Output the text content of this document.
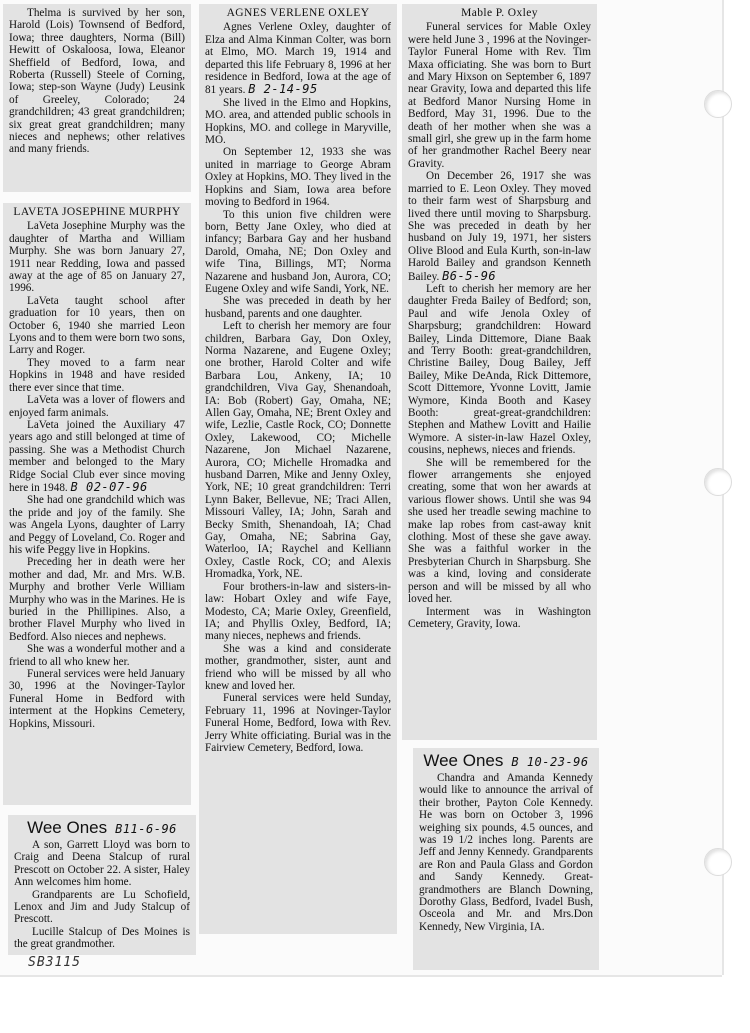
Thelma is survived by her son, Harold (Lois) Townsend of Bedford, Iowa; three daughters, Norma (Bill) Hewitt of Oskaloosa, Iowa, Eleanor Sheffield of Bedford, Iowa, and Roberta (Russell) Steele of Corning, Iowa; step-son Wayne (Judy) Leusink of Greeley, Colorado; 24 grandchildren; 43 great grandchildren; six great great grandchildren; many nieces and nephews; other relatives and many friends.

LAVETA JOSEPHINE MURPHY

LaVeta Josephine Murphy was the daughter of Martha and William Murphy. She was born January 27, 1911 near Redding, Iowa and passed away at the age of 85 on January 27, 1996.

LaVeta taught school after graduation for 10 years, then on October 6, 1940 she married Leon Lyons and to them were born two sons, Larry and Roger.

They moved to a farm near Hopkins in 1948 and have resided there ever since that time.

LaVeta was a lover of flowers and enjoyed farm animals.

LaVeta joined the Auxiliary 47 years ago and still belonged at time of passing. She was a Methodist Church member and belonged to the Mary Ridge Social Club ever since moving here in 1948. B 02-07-96

She had one grandchild which was the pride and joy of the family. She was Angela Lyons, daughter of Larry and Peggy of Loveland, Co. Roger and his wife Peggy live in Hopkins.

Preceding her in death were her mother and dad, Mr. and Mrs. W.B. Murphy and brother Verle William Murphy who was in the Marines. He is buried in the Phillipines. Also, a brother Flavel Murphy who lived in Bedford. Also nieces and nephews.

She was a wonderful mother and a friend to all who knew her.

Funeral services were held January 30, 1996 at the Novinger-Taylor Funeral Home in Bedford with interment at the Hopkins Cemetery, Hopkins, Missouri.

Wee Ones B11-6-96

A son, Garrett Lloyd was born to Craig and Deena Stalcup of rural Prescott on October 22. A sister, Haley Ann welcomes him home.

Grandparents are Lu Schofield, Lenox and Jim and Judy Stalcup of Prescott.

Lucille Stalcup of Des Moines is the great grandmother.

SB3115
AGNES VERLENE OXLEY

Agnes Verlene Oxley, daughter of Elza and Alma Kinman Colter, was born at Elmo, MO. March 19, 1914 and departed this life February 8, 1996 at her residence in Bedford, Iowa at the age of 81 years. B 2-14-95

She lived in the Elmo and Hopkins, MO. area, and attended public schools in Hopkins, MO. and college in Maryville, MO.

On September 12, 1933 she was united in marriage to George Abram Oxley at Hopkins, MO. They lived in the Hopkins and Siam, Iowa area before moving to Bedford in 1964.

To this union five children were born, Betty Jane Oxley, who died at infancy; Barbara Gay and her husband Darold, Omaha, NE; Don Oxley and wife Tina, Billings, MT; Norma Nazarene and husband Jon, Aurora, CO; Eugene Oxley and wife Sandi, York, NE.

She was preceded in death by her husband, parents and one daughter.

Left to cherish her memory are four children, Barbara Gay, Don Oxley, Norma Nazarene, and Eugene Oxley; one brother, Harold Colter and wife Barbara Lou, Ankeny, IA; 10 grandchildren, Viva Gay, Shenandoah, IA: Bob (Robert) Gay, Omaha, NE; Allen Gay, Omaha, NE; Brent Oxley and wife, Lezlie, Castle Rock, CO; Donnette Oxley, Lakewood, CO; Michelle Nazarene, Jon Michael Nazarene, Aurora, CO; Michelle Hromadka and husband Darren, Mike and Jenny Oxley, York, NE; 10 great grandchildren: Terri Lynn Baker, Bellevue, NE; Traci Allen, Missouri Valley, IA; John, Sarah and Becky Smith, Shenandoah, IA; Chad Gay, Omaha, NE; Sabrina Gay, Waterloo, IA; Raychel and Kelliann Oxley, Castle Rock, CO; and Alexis Hromadka, York, NE.

Four brothers-in-law and sisters-in-law: Hobart Oxley and wife Faye, Modesto, CA; Marie Oxley, Greenfield, IA; and Phyllis Oxley, Bedford, IA; many nieces, nephews and friends.

She was a kind and considerate mother, grandmother, sister, aunt and friend who will be missed by all who knew and loved her.

Funeral services were held Sunday, February 11, 1996 at Novinger-Taylor Funeral Home, Bedford, Iowa with Rev. Jerry White officiating. Burial was in the Fairview Cemetery, Bedford, Iowa.

Mable P. Oxley

Funeral services for Mable Oxley were held June 3 , 1996 at the Novinger-Taylor Funeral Home with Rev. Tim Maxa officiating. She was born to Burt and Mary Hixson on September 6, 1897 near Gravity, Iowa and departed this life at Bedford Manor Nursing Home in Bedford, May 31, 1996. Due to the death of her mother when she was a small girl, she grew up in the farm home of her grandmother Rachel Beery near Gravity.

On December 26, 1917 she was married to E. Leon Oxley. They moved to their farm west of Sharpsburg and lived there until moving to Sharpsburg. She was preceded in death by her husband on July 19, 1971, her sisters Olive Blood and Eula Kurth, son-in-law Harold Bailey and grandson Kenneth Bailey. B6-5-96

Left to cherish her memory are her daughter Freda Bailey of Bedford; son, Paul and wife Jenola Oxley of Sharpsburg; grandchildren: Howard Bailey, Linda Dittemore, Diane Baak and Terry Booth: great-grandchildren, Christine Bailey, Doug Bailey, Jeff Bailey, Mike DeAnda, Rick Dittemore, Scott Dittemore, Yvonne Lovitt, Jamie Wymore, Kinda Booth and Kasey Booth: great-great-grandchildren: Stephen and Mathew Lovitt and Hailie Wymore. A sister-in-law Hazel Oxley, cousins, nephews, nieces and friends.

She will be remembered for the flower arrangements she enjoyed creating, some that won her awards at various flower shows. Until she was 94 she used her treadle sewing machine to make lap robes from cast-away knit clothing. Most of these she gave away. She was a faithful worker in the Presbyterian Church in Sharpsburg. She was a kind, loving and considerate person and will be missed by all who loved her.

Interment was in Washington Cemetery, Gravity, Iowa.

Wee Ones B 10-23-96

Chandra and Amanda Kennedy would like to announce the arrival of their brother, Payton Cole Kennedy. He was born on October 3, 1996 weighing six pounds, 4.5 ounces, and was 19 1/2 inches long. Parents are Jeff and Jenny Kennedy. Grandparents are Ron and Paula Glass and Gordon and Sandy Kennedy. Great-grandmothers are Blanch Downing, Dorothy Glass, Bedford, Ivadel Bush, Osceola and Mr. and Mrs.Don Kennedy, New Virginia, IA.
